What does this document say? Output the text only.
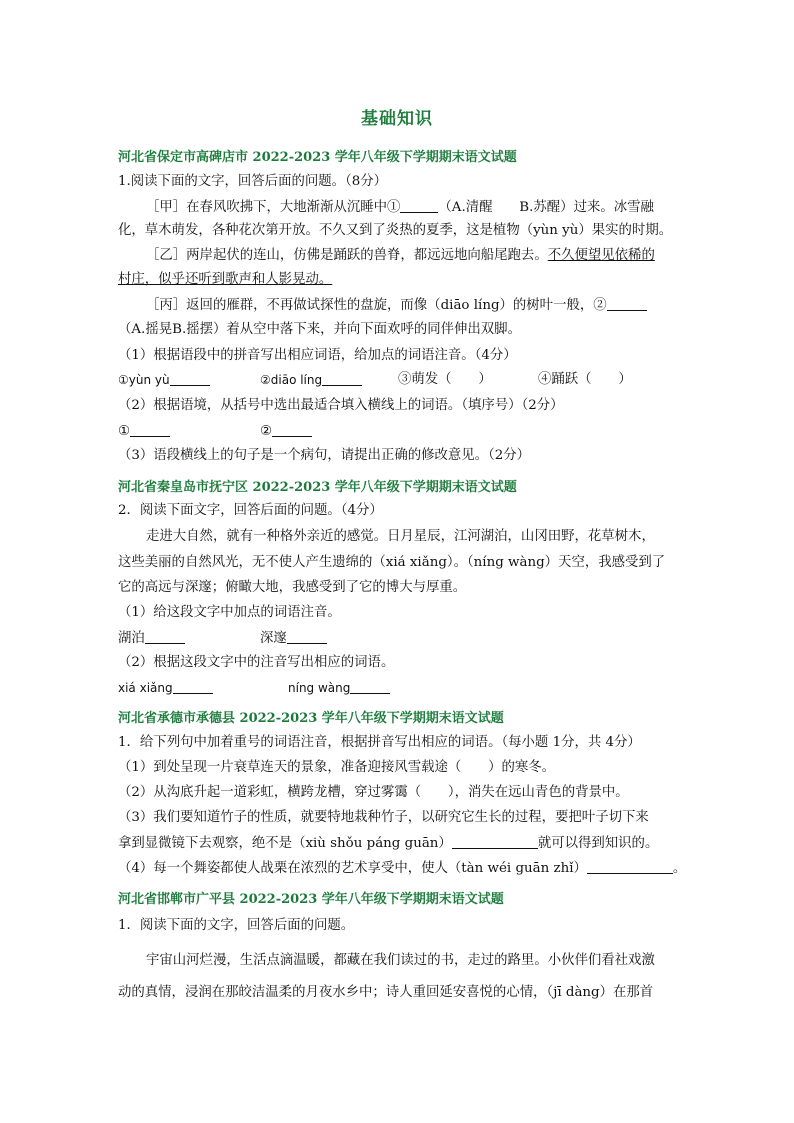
基础知识
河北省保定市高碑店市 2022-2023 学年八年级下学期期末语文试题
1.阅读下面的文字，回答后面的问题。（8分）
［甲］在春风吹拂下，大地渐渐从沉睡中①	（A.清醒　　B.苏醒）过来。冰雪融
化，草木萌发，各种花次第开放。不久又到了炎热的夏季，这是植物（yùn yù）果实的时期。
［乙］两岸起伏的连山，仿佛是踊跃的兽脊，都远远地向船尾跑去。不久便望见依稀的
村庄，似乎还听到歌声和人影晃动。
［丙］返回的雁群，不再做试探性的盘旋，而像（diāo líng）的树叶一般，②
（A.摇晃B.摇摆）着从空中落下来，并向下面欢呼的同伴伸出双脚。
（1）根据语段中的拼音写出相应词语，给加点的词语注音。（4分）
①yùn yù	②diāo líng	③萌发（　　）	④踊跃（　　）
（2）根据语境，从括号中选出最适合填入横线上的词语。（填序号）（2分）
①	②
（3）语段横线上的句子是一个病句，请提出正确的修改意见。（2分）
河北省秦皇岛市抚宁区 2022-2023 学年八年级下学期期末语文试题
2．阅读下面文字，回答后面的问题。（4分）
走进大自然，就有一种格外亲近的感觉。日月星辰，江河湖泊，山冈田野，花草树木，
这些美丽的自然风光，无不使人产生遗绵的（xiá xiǎng）。（níng wàng）天空，我感受到了
它的高远与深邃；俯瞰大地，我感受到了它的博大与厚重。
（1）给这段文字中加点的词语注音。
湖泊	深邃
（2）根据这段文字中的注音写出相应的词语。
xiá xiǎng	níng wàng
河北省承德市承德县 2022-2023 学年八年级下学期期末语文试题
1．给下列句中加着重号的词语注音，根据拼音写出相应的词语。（每小题 1分，共 4分）
（1）到处呈现一片衰草连天的景象，准备迎接风雪载途（　　）的寒冬。
（2）从沟底升起一道彩虹，横跨龙槽，穿过雾霭（　　），消失在远山青色的背景中。
（3）我们要知道竹子的性质，就要特地栽种竹子，以研究它生长的过程，要把叶子切下来
拿到显微镜下去观察，绝不是（xiù shǒu páng guān）	就可以得到知识的。
（4）每一个舞姿都使人战栗在浓烈的艺术享受中，使人（tàn wéi guān zhǐ）	。
河北省邯郸市广平县 2022-2023 学年八年级下学期期末语文试题
1．阅读下面的文字，回答后面的问题。
宇宙山河烂漫，生活点滴温暖，都藏在我们读过的书，走过的路里。小伙伴们看社戏激
动的真情，浸润在那皎洁温柔的月夜水乡中；诗人重回延安喜悦的心情，（jī dàng）在那首
